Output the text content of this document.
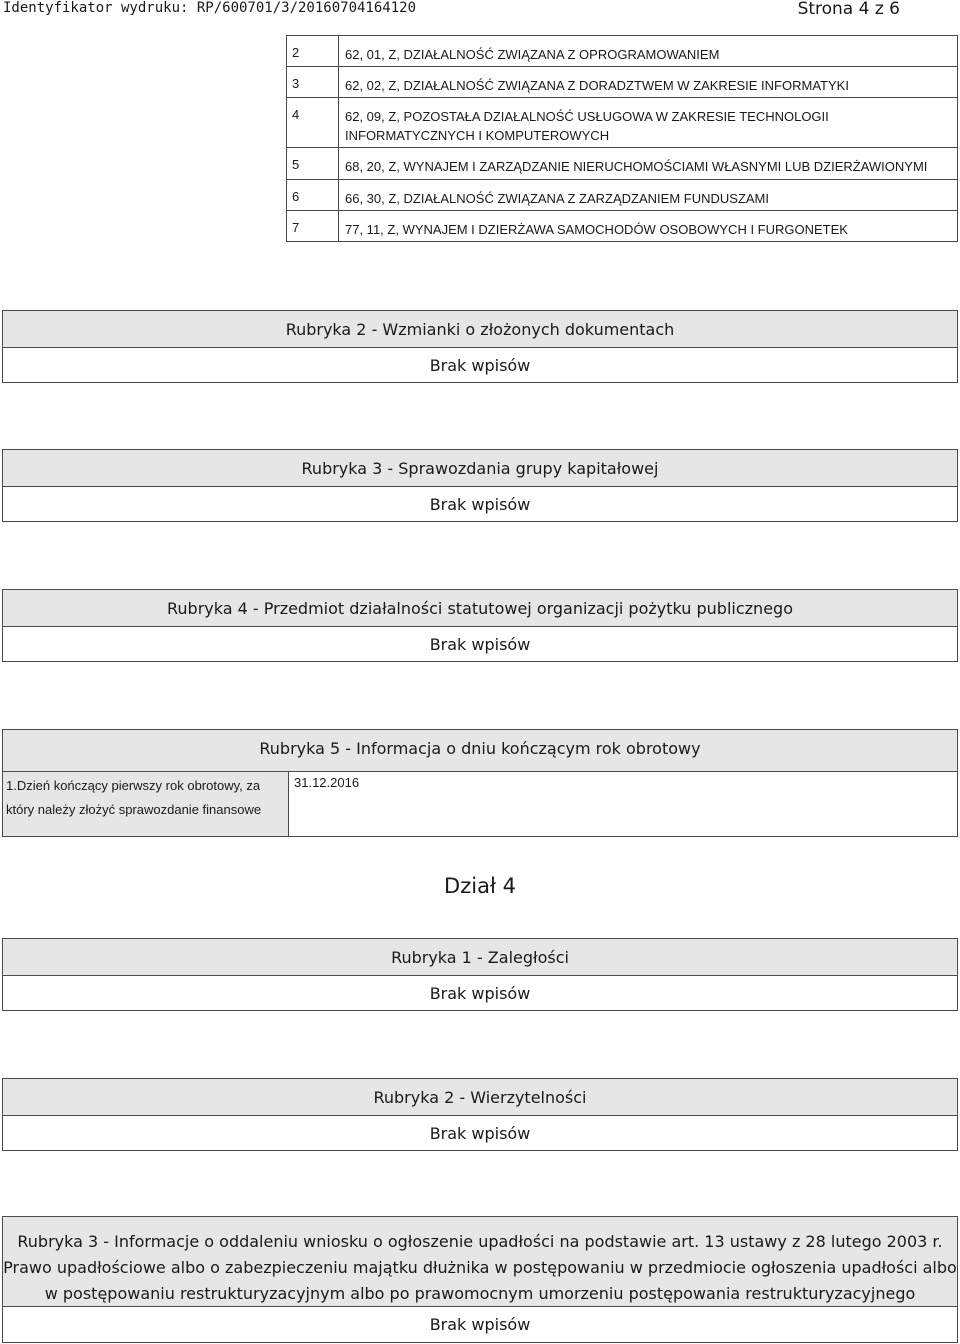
Identyfikator wydruku: RP/600701/3/20160704164120	Strona 4 z 6
2	62, 01, Z, DZIAŁALNOŚĆ ZWIĄZANA Z OPROGRAMOWANIEM
3	62, 02, Z, DZIAŁALNOŚĆ ZWIĄZANA Z DORADZTWEM W ZAKRESIE INFORMATYKI
4	62, 09, Z, POZOSTAŁA DZIAŁALNOŚĆ USŁUGOWA W ZAKRESIE TECHNOLOGII INFORMATYCZNYCH I KOMPUTEROWYCH
5	68, 20, Z, WYNAJEM I ZARZĄDZANIE NIERUCHOMOŚCIAMI WŁASNYMI LUB DZIERŻAWIONYMI
6	66, 30, Z, DZIAŁALNOŚĆ ZWIĄZANA Z ZARZĄDZANIEM FUNDUSZAMI
7	77, 11, Z, WYNAJEM I DZIERŻAWA SAMOCHODÓW OSOBOWYCH I FURGONETEK
Rubryka 2 - Wzmianki o złożonych dokumentach
Brak wpisów
Rubryka 3 - Sprawozdania grupy kapitałowej
Brak wpisów
Rubryka 4 - Przedmiot działalności statutowej organizacji pożytku publicznego
Brak wpisów
Rubryka 5 - Informacja o dniu kończącym rok obrotowy
1.Dzień kończący pierwszy rok obrotowy, za który należy złożyć sprawozdanie finansowe
31.12.2016
Dział 4
Rubryka 1 - Zaległości
Brak wpisów
Rubryka 2 - Wierzytelności
Brak wpisów
Rubryka 3 - Informacje o oddaleniu wniosku o ogłoszenie upadłości na podstawie art. 13 ustawy z 28 lutego 2003 r. Prawo upadłościowe albo o zabezpieczeniu majątku dłużnika w postępowaniu w przedmiocie ogłoszenia upadłości albo w postępowaniu restrukturyzacyjnym albo po prawomocnym umorzeniu postępowania restrukturyzacyjnego
Brak wpisów
